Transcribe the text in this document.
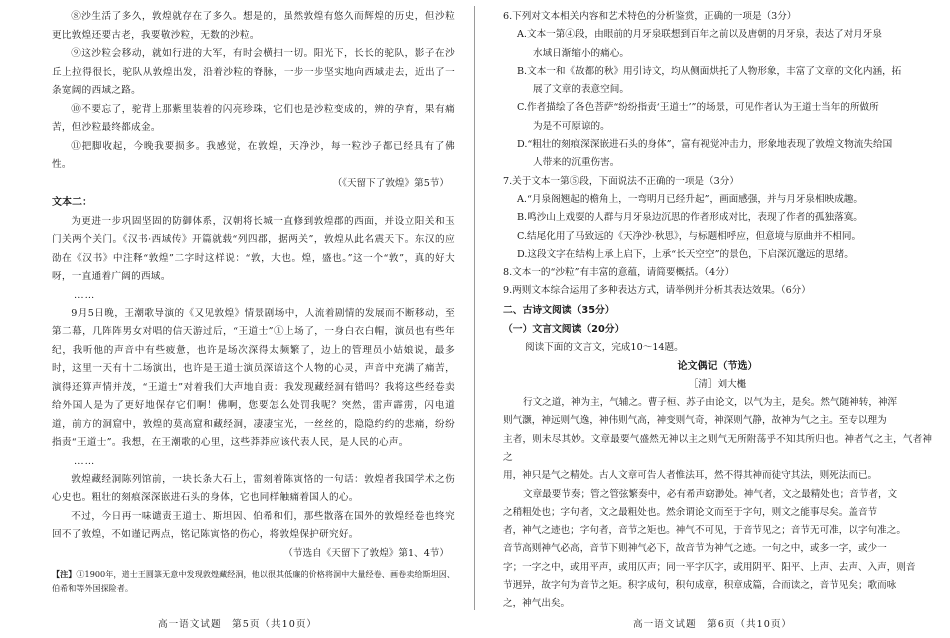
⑧沙生活了多久，敦煌就存在了多久。想是的，虽然敦煌有悠久而辉煌的历史，但沙粒更比敦煌还要古老，我要敬沙粒，无数的沙粒。

⑨这沙粒会移动，就如行进的大军，有时会横扫一切。阳光下，长长的驼队，影子在沙丘上拉得很长，驼队从敦煌出发，沿着沙粒的脊脉，一步一步坚实地向西域走去，近出了一条宽阔的西域之路。

⑩不要忘了，驼背上那紫里装着的闪亮珍珠，它们也是沙粒变成的，辨的孕育，果有痛苦，但沙粒最终都成金。

⑪把脚收起，今晚我要损多。我感觉，在敦煌，天净沙，每一粒沙子都已经具有了佛性。

（《天留下了敦煌》第5节）

文本二：

为更进一步巩固坚固的防御体系，汉朝将长城一直修到敦煌郡的西面，并设立阳关和玉门关两个关门。《汉书·西域传》开篇就载“列四郡，据两关”，敦煌从此名震天下。东汉的应劭在《汉书》中注释“敦煌”二字时这样说：“敦，大也。煌，盛也。”这一个“敦”，真的好大呀，一直通着广阔的西域。

……

9月5日晚，王潮歌导演的《又见敦煌》情景剧场中，人流着剧情的发展而不断移动，至第二幕，几阵阵男女对唱的信天游过后，“王道士”①上场了，一身白衣白帽，演员也有些年纪，我听他的声音中有些疲惫，也许是场次深得太频繁了，边上的管理员小姑娘说，最多时，这里一天有十二场演出，也许是王道士演员深谙这个人物的心灵，声音中充满了痛苦，演得还算声情并茂，“王道士”对着我们大声地自责：我发现藏经洞有错吗？我将这些经卷卖给外国人是为了更好地保存它们啊！佛啊，您要怎么处罚我呢？突然，雷声霹雳，闪电道道，前方的洞窟中，敦煌的莫高窟和藏经洞，凄凄宝光，一丝丝的，隐隐约约的悲痛，纷纷指责“王道士”。我想，在王潮歌的心里，这些莽莽应该代表人民，是人民的心声。

……

敦煌藏经洞陈列馆前，一块长条大石上，雷刻着陈寅恪的一句话：敦煌者我国学术之伤心史也。粗壮的刻痕深深嵌进石头的身体，它也同样触痛着国人的心。

不过，今日再一味谴责王道士、斯坦因、伯希和们，那些散落在国外的敦煌经卷也终究回不了敦煌，不如谨记两点，铭记陈寅恪的伤心，将敦煌保护研究好。

（节选自《天留下了敦煌》第1、4节）

【注】①1900年，道士王圆箓无意中发现敦煌藏经洞，他以很其低廉的价格将洞中大量经卷、画卷卖给斯坦因、伯希和等外国探险者。

高一语文试题　第5页（共10页）

6.下列对文本相关内容和艺术特色的分析鉴赏，正确的一项是（3分）

A.文本一第④段，由眼前的月牙泉联想到百年之前以及唐朝的月牙泉，表达了对月牙泉

水域日渐缩小的痛心。

B.文本一和《故都的秋》用引诗文，均从侧面烘托了人物形象，丰富了文章的文化内涵，拓

展了文章的表意空间。

C.作者描绘了各色菩萨“纷纷指责‘王道士’”的场景，可见作者认为王道士当年的所做所

为是不可原谅的。

D.“粗壮的刻痕深深嵌进石头的身体”，富有视觉冲击力，形象地表现了敦煌文物流失给国

人带来的沉重伤害。

7.关于文本一第⑤段，下面说法不正确的一项是（3分）

A.“月泉阁翘起的檐角上，一弯明月已经升起”，画面感强，并与月牙泉相映成趣。

B.鸣沙山上戏耍的人群与月牙泉边沉思的作者形成对比，表现了作者的孤独落寞。

C.结尾化用了马致远的《天净沙·秋思》，与标题相呼应，但意境与原曲并不相同。

D.这段文字在结构上承上启下，上承“长天空空”的景色，下启深沉邈远的思绪。

8.文本一的“沙粒”有丰富的意蕴，请简要概括。（4分）

9.两则文本综合运用了多种表达方式，请举例并分析其表达效果。（6分）

二、古诗文阅读（35分）

（一）文言文阅读（20分）

阅读下面的文言文，完成10～14题。

论文偶记（节选）

［清］刘大櫆

行文之道，神为主，气辅之。曹子桓、苏子由论文，以气为主，是矣。然气随神转，神浑

则气灏，神远则气逸，神伟则气高，神变则气奇，神深则气静，故神为气之主。至专以理为

主者，则未尽其妙。文章最要气盛然无神以主之则气无所附荡乎不知其所归也。神者气之主，气者神之

用，神只是气之精处。古人文章可告人者惟法耳，然不得其神而徒守其法，则死法而已。

文章最要节奏；管之管弦繁奏中，必有希声窈渺处。神气者，文之最精处也；音节者，文

之稍粗处也；字句者，文之最粗处也。然余谓论文而至于字句，则文之能事尽矣。盖音节

者，神气之迹也；字句者，音节之矩也。神气不可见，于音节见之；音节无可准，以字句准之。

音节高则神气必高，音节下则神气必下，故音节为神气之迹。一句之中，或多一字，或少一

字；一字之中，或用平声，或用仄声；同一平字仄字，或用阴平、阳平、上声、去声、入声，则音

节迥异，故字句为音节之矩。积字成句，积句成章，积章成篇，合而读之，音节见矣；歌而咏

之，神气出矣。

高一语文试题　第6页（共10页）
